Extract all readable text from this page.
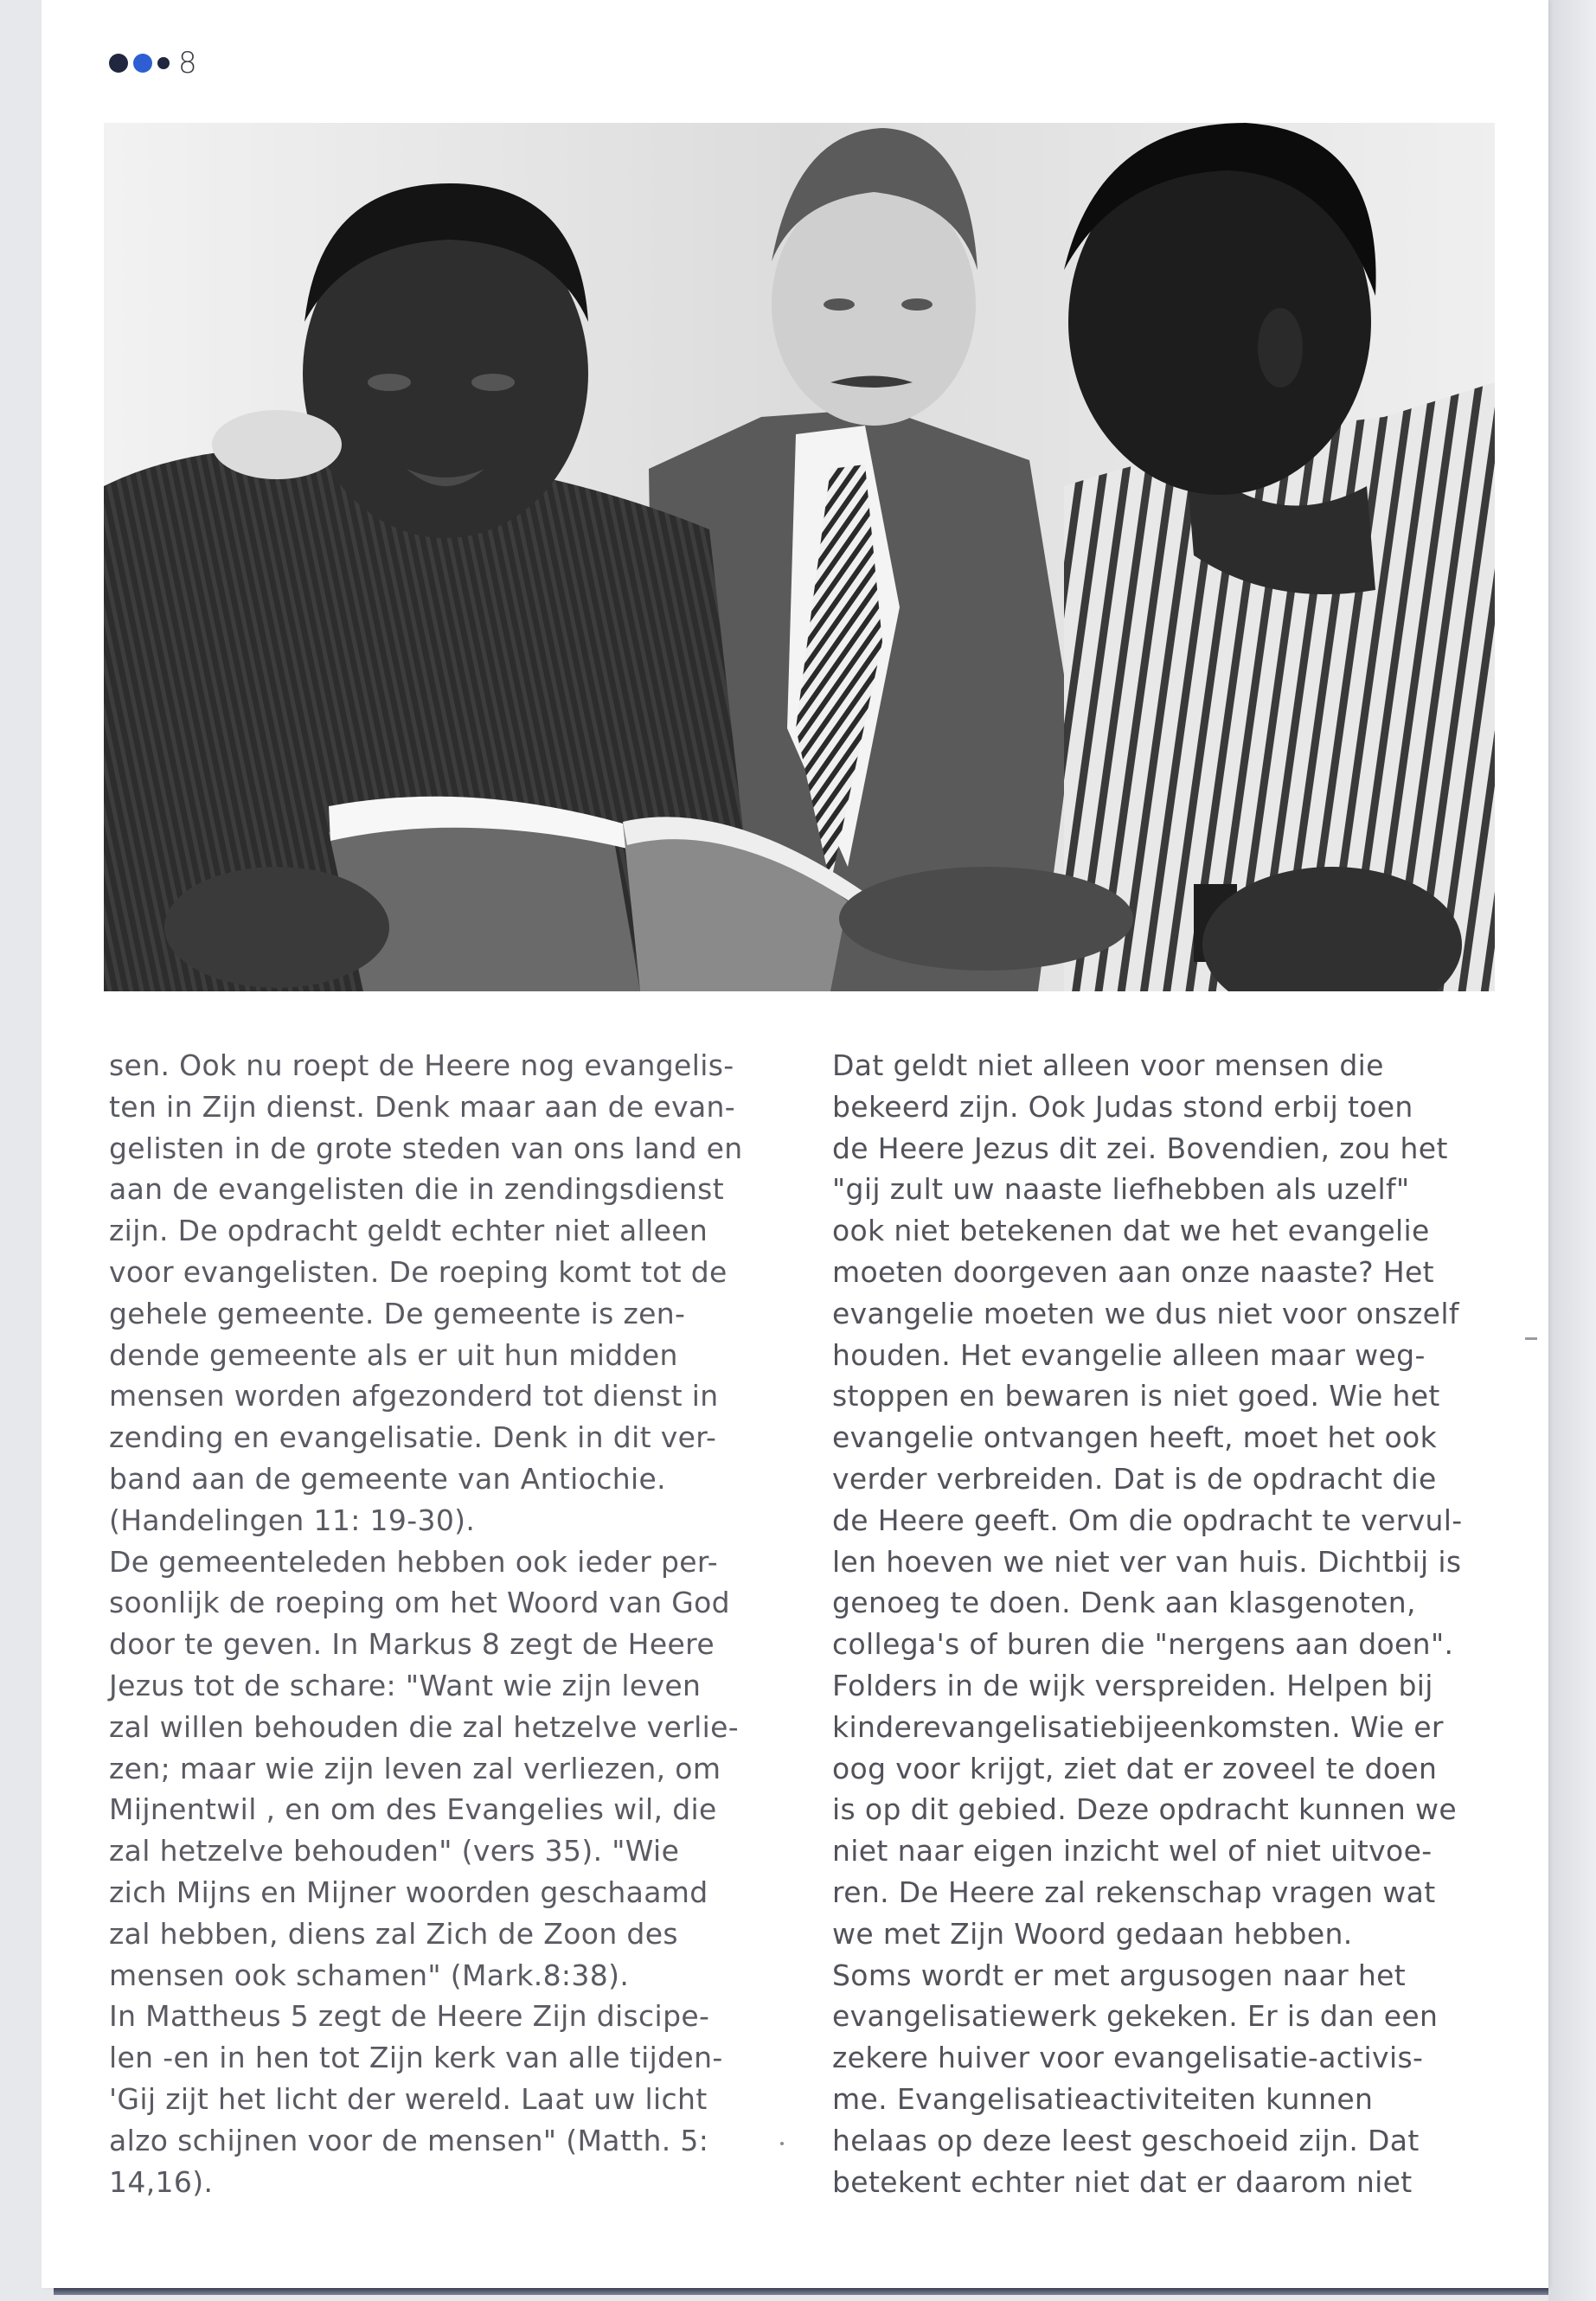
8
sen. Ook nu roept de Heere nog evangelis-
ten in Zijn dienst. Denk maar aan de evan-
gelisten in de grote steden van ons land en
aan de evangelisten die in zendingsdienst
zijn. De opdracht geldt echter niet alleen
voor evangelisten. De roeping komt tot de
gehele gemeente. De gemeente is zen-
dende gemeente als er uit hun midden
mensen worden afgezonderd tot dienst in
zending en evangelisatie. Denk in dit ver-
band aan de gemeente van Antiochie.
(Handelingen 11: 19-30).
De gemeenteleden hebben ook ieder per-
soonlijk de roeping om het Woord van God
door te geven. In Markus 8 zegt de Heere
Jezus tot de schare: "Want wie zijn leven
zal willen behouden die zal hetzelve verlie-
zen; maar wie zijn leven zal verliezen, om
Mijnentwil , en om des Evangelies wil, die
zal hetzelve behouden" (vers 35). "Wie
zich Mijns en Mijner woorden geschaamd
zal hebben, diens zal Zich de Zoon des
mensen ook schamen" (Mark.8:38).
In Mattheus 5 zegt de Heere Zijn discipe-
len -en in hen tot Zijn kerk van alle tijden-
'Gij zijt het licht der wereld. Laat uw licht
alzo schijnen voor de mensen" (Matth. 5:
14,16).
Dat geldt niet alleen voor mensen die
bekeerd zijn. Ook Judas stond erbij toen
de Heere Jezus dit zei. Bovendien, zou het
"gij zult uw naaste liefhebben als uzelf"
ook niet betekenen dat we het evangelie
moeten doorgeven aan onze naaste? Het
evangelie moeten we dus niet voor onszelf
houden. Het evangelie alleen maar weg-
stoppen en bewaren is niet goed. Wie het
evangelie ontvangen heeft, moet het ook
verder verbreiden. Dat is de opdracht die
de Heere geeft. Om die opdracht te vervul-
len hoeven we niet ver van huis. Dichtbij is
genoeg te doen. Denk aan klasgenoten,
collega's of buren die "nergens aan doen".
Folders in de wijk verspreiden. Helpen bij
kinderevangelisatiebijeenkomsten. Wie er
oog voor krijgt, ziet dat er zoveel te doen
is op dit gebied. Deze opdracht kunnen we
niet naar eigen inzicht wel of niet uitvoe-
ren. De Heere zal rekenschap vragen wat
we met Zijn Woord gedaan hebben.
Soms wordt er met argusogen naar het
evangelisatiewerk gekeken. Er is dan een
zekere huiver voor evangelisatie-activis-
me. Evangelisatieactiviteiten kunnen
helaas op deze leest geschoeid zijn. Dat
betekent echter niet dat er daarom niet
